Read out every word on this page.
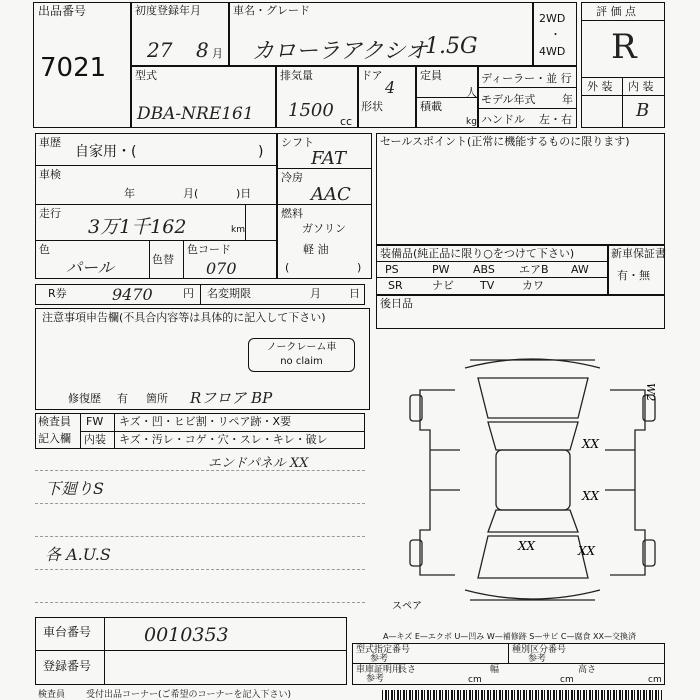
出品番号
7021
初度登録年月
27 8 月
車名・グレード
カローラアクシオ
1.5G
2WD
・
4WD
評 価 点
R
外 装 内 装
B
型式
DBA-NRE161
排気量
1500
cc
ドア
4
形状
定員
人
積載
kg
ディーラー・並 行
モデル年式 年
ハンドル 左・右
車歴
自家用・(	)
車検
年	月(	)日
走行
3万1千162	km
色
パール	色替
色コード
070
シフト
FAT
冷房
AAC
燃料
ガソリン
軽 油
(	)
セールスポイント(正常に機能するものに限ります)
装備品(純正品に限り○をつけて下さい)
PS	PW ABS エアB AW
SR	ナビ TV	カワ
新車保証書
有・無
後日品
R券	9470	円 名変期限	月	日
注意事項申告欄(不具合内容等は具体的に記入して下さい)
ノークレーム車
no claim
修復歴 有 箇所 Rフロア BP
検査員
記入欄
FW キズ・凹・ヒビ割・リペア跡・X要
内装 キズ・汚レ・コゲ・穴・スレ・キレ・破レ
エンドパネル XX
下廻りS
各 A.U.S
W2
XX
XX
XX	XX
スペア
A—キズ E—エクボ U—凹み W—補修跡 S—サビ C—腐食 XX—交換済
車台番号	0010353
登録番号
型式指定番号
参考
種別区分番号
参考
車庫証明用
参考
長さ
cm
幅
cm
高さ
cm
検査員 受付出品コーナー(ご希望のコーナーを記入下さい)
